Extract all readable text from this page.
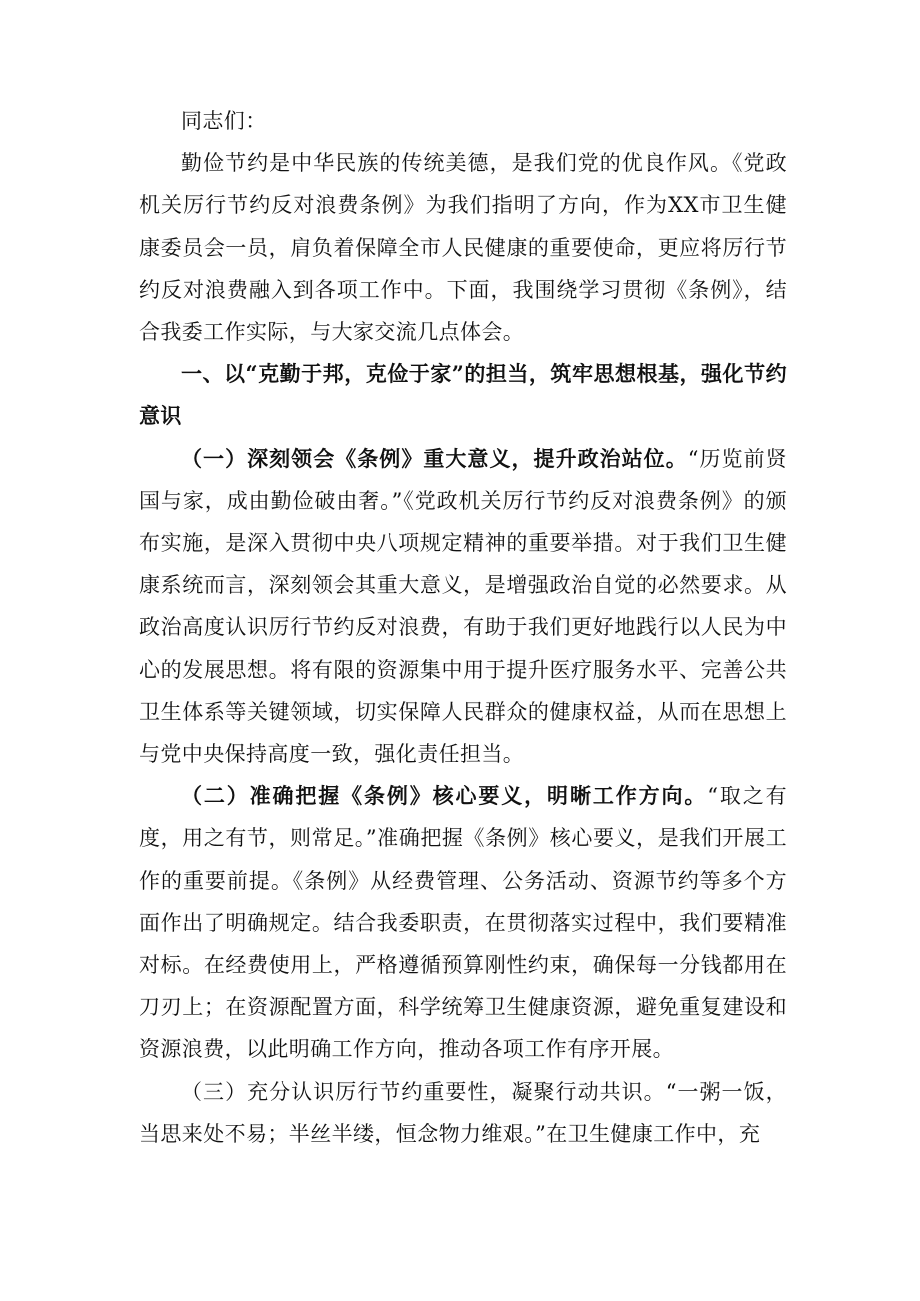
同志们：

勤俭节约是中华民族的传统美德，是我们党的优良作风。《党政机关厉行节约反对浪费条例》为我们指明了方向，作为XX市卫生健康委员会一员，肩负着保障全市人民健康的重要使命，更应将厉行节约反对浪费融入到各项工作中。下面，我围绕学习贯彻《条例》，结合我委工作实际，与大家交流几点体会。

一、以“克勤于邦，克俭于家”的担当，筑牢思想根基，强化节约意识

（一）深刻领会《条例》重大意义，提升政治站位。“历览前贤国与家，成由勤俭破由奢。”《党政机关厉行节约反对浪费条例》的颁布实施，是深入贯彻中央八项规定精神的重要举措。对于我们卫生健康系统而言，深刻领会其重大意义，是增强政治自觉的必然要求。从政治高度认识厉行节约反对浪费，有助于我们更好地践行以人民为中心的发展思想。将有限的资源集中用于提升医疗服务水平、完善公共卫生体系等关键领域，切实保障人民群众的健康权益，从而在思想上与党中央保持高度一致，强化责任担当。

（二）准确把握《条例》核心要义，明晰工作方向。“取之有度，用之有节，则常足。”准确把握《条例》核心要义，是我们开展工作的重要前提。《条例》从经费管理、公务活动、资源节约等多个方面作出了明确规定。结合我委职责，在贯彻落实过程中，我们要精准对标。在经费使用上，严格遵循预算刚性约束，确保每一分钱都用在刀刃上；在资源配置方面，科学统筹卫生健康资源，避免重复建设和资源浪费，以此明确工作方向，推动各项工作有序开展。

（三）充分认识厉行节约重要性，凝聚行动共识。“一粥一饭，当思来处不易；半丝半缕，恒念物力维艰。”在卫生健康工作中，充
